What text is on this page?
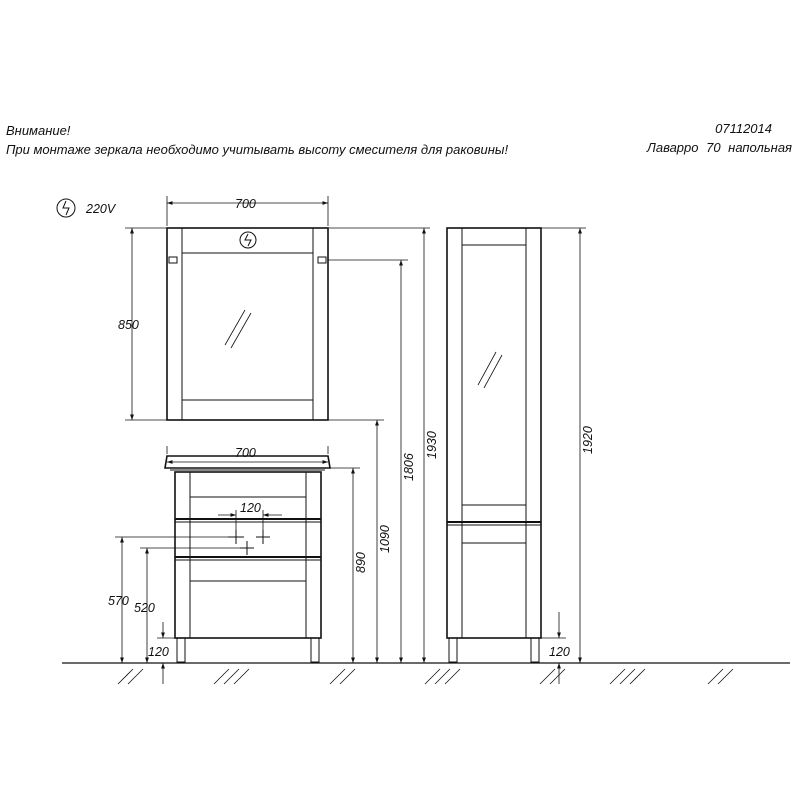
Внимание!
При монтаже зеркала необходимо учитывать высоту смесителя для раковины!
07112014
Лаварро 70 напольная
220V	700
850
700
120
570 520
120	120
1930
1806
1090
890
1920
